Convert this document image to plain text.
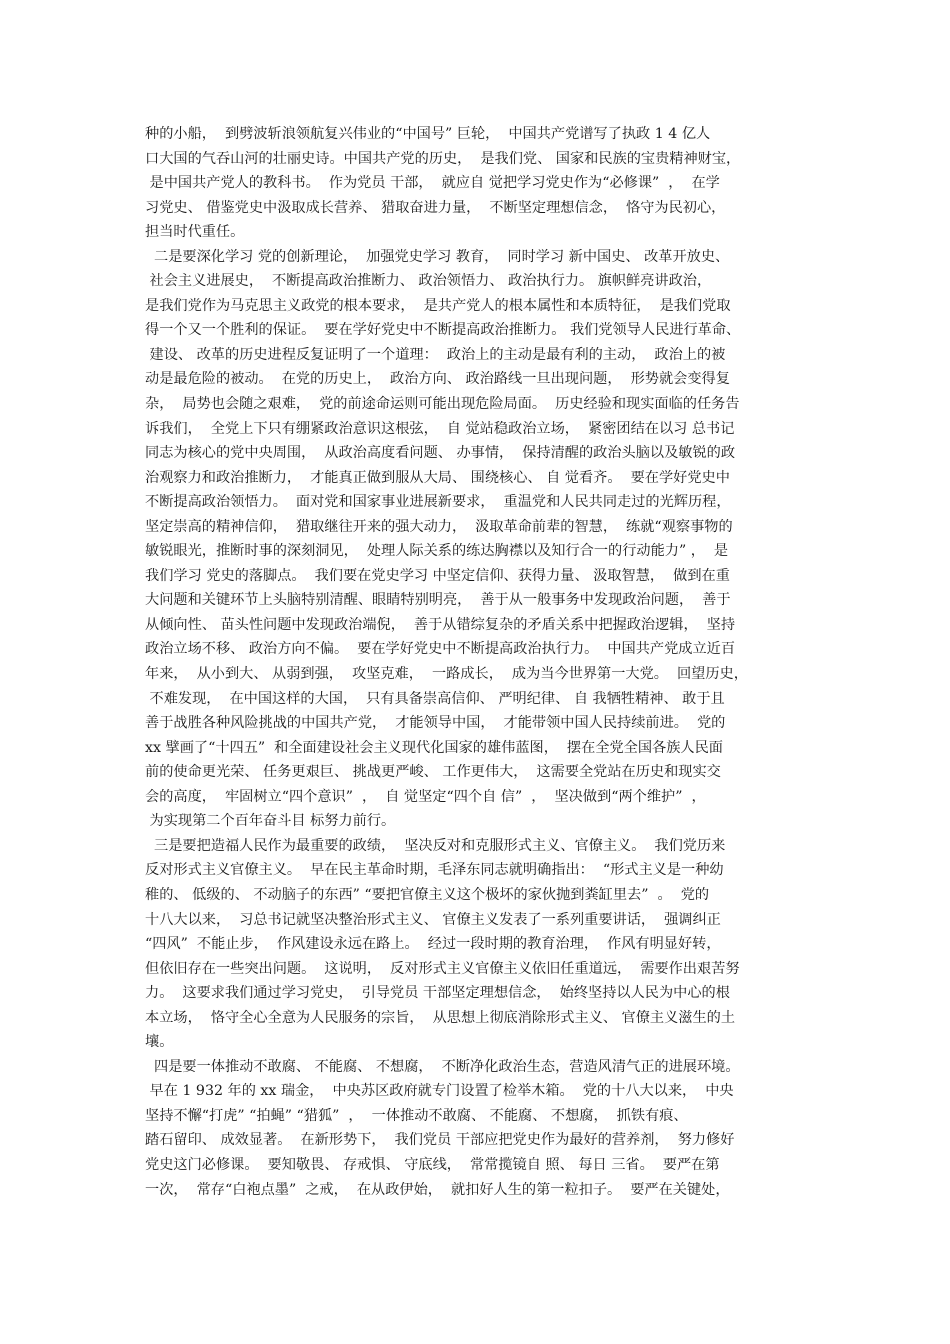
种的小船，  到劈波斩浪领航复兴伟业的“中国号” 巨轮，  中国共产党谱写了执政 1 4 亿人
口大国的气吞山河的壮丽史诗。中国共产党的历史，  是我们党、 国家和民族的宝贵精神财宝，
是中国共产党人的教科书。  作为党员 干部，  就应自 觉把学习党史作为“必修课”  ，  在学
习党史、 借鉴党史中汲取成长营养、 猎取奋进力量，  不断坚定理想信念，  恪守为民初心，
担当时代重任。
二是要深化学习 党的创新理论，  加强党史学习 教育，  同时学习 新中国史、 改革开放史、
社会主义进展史，  不断提高政治推断力、 政治领悟力、 政治执行力。 旗帜鲜亮讲政治，
是我们党作为马克思主义政党的根本要求，  是共产党人的根本属性和本质特征，  是我们党取
得一个又一个胜利的保证。  要在学好党史中不断提高政治推断力。 我们党领导人民进行革命、
建设、 改革的历史进程反复证明了一个道理：  政治上的主动是最有利的主动，  政治上的被
动是最危险的被动。  在党的历史上，  政治方向、 政治路线一旦出现问题，  形势就会变得复
杂，  局势也会随之艰难，  党的前途命运则可能出现危险局面。  历史经验和现实面临的任务告
诉我们，  全党上下只有绷紧政治意识这根弦，  自 觉站稳政治立场，  紧密团结在以习 总书记
同志为核心的党中央周围，  从政治高度看问题、 办事情，  保持清醒的政治头脑以及敏锐的政
治观察力和政治推断力，  才能真正做到服从大局、 围绕核心、 自 觉看齐。  要在学好党史中
不断提高政治领悟力。  面对党和国家事业进展新要求，  重温党和人民共同走过的光辉历程，
坚定崇高的精神信仰，  猎取继往开来的强大动力，  汲取革命前辈的智慧，  练就“观察事物的
敏锐眼光，推断时事的深刻洞见，  处理人际关系的练达胸襟以及知行合一的行动能力” ，  是
我们学习 党史的落脚点。  我们要在党史学习 中坚定信仰、获得力量、 汲取智慧，  做到在重
大问题和关键环节上头脑特别清醒、眼睛特别明亮，  善于从一般事务中发现政治问题，  善于
从倾向性、 苗头性问题中发现政治端倪，  善于从错综复杂的矛盾关系中把握政治逻辑，  坚持
政治立场不移、 政治方向不偏。  要在学好党史中不断提高政治执行力。  中国共产党成立近百
年来，  从小到大、 从弱到强，  攻坚克难，  一路成长，  成为当今世界第一大党。  回望历史，
不难发现，  在中国这样的大国，  只有具备崇高信仰、 严明纪律、 自 我牺牲精神、 敢于且
善于战胜各种风险挑战的中国共产党，  才能领导中国，  才能带领中国人民持续前进。  党的
xx 擘画了“十四五”  和全面建设社会主义现代化国家的雄伟蓝图，  摆在全党全国各族人民面
前的使命更光荣、 任务更艰巨、 挑战更严峻、 工作更伟大，  这需要全党站在历史和现实交
会的高度，  牢固树立“四个意识”  ，  自 觉坚定“四个自 信”  ，  坚决做到“两个维护”  ，
为实现第二个百年奋斗目 标努力前行。
三是要把造福人民作为最重要的政绩，  坚决反对和克服形式主义、官僚主义。  我们党历来
反对形式主义官僚主义。  早在民主革命时期，毛泽东同志就明确指出：  “形式主义是一种幼
稚的、 低级的、 不动脑子的东西” “要把官僚主义这个极坏的家伙抛到粪缸里去”  。  党的
十八大以来，  习总书记就坚决整治形式主义、 官僚主义发表了一系列重要讲话，  强调纠正
“四风”  不能止步，  作风建设永远在路上。  经过一段时期的教育治理，  作风有明显好转，
但依旧存在一些突出问题。  这说明，  反对形式主义官僚主义依旧任重道远，  需要作出艰苦努
力。  这要求我们通过学习党史，  引导党员 干部坚定理想信念，  始终坚持以人民为中心的根
本立场，  恪守全心全意为人民服务的宗旨，  从思想上彻底消除形式主义、 官僚主义滋生的土
壤。
四是要一体推动不敢腐、 不能腐、 不想腐，  不断净化政治生态，营造风清气正的进展环境。
早在 1 932 年的 xx 瑞金，  中央苏区政府就专门设置了检举木箱。  党的十八大以来，  中央
坚持不懈“打虎” “拍蝇” “猎狐”  ，  一体推动不敢腐、 不能腐、 不想腐，  抓铁有痕、
踏石留印、 成效显著。  在新形势下，  我们党员 干部应把党史作为最好的营养剂，  努力修好
党史这门必修课。  要知敬畏、 存戒惧、 守底线，  常常揽镜自 照、 每日 三省。  要严在第
一次，  常存“白袍点墨”  之戒，  在从政伊始，  就扣好人生的第一粒扣子。  要严在关键处，
